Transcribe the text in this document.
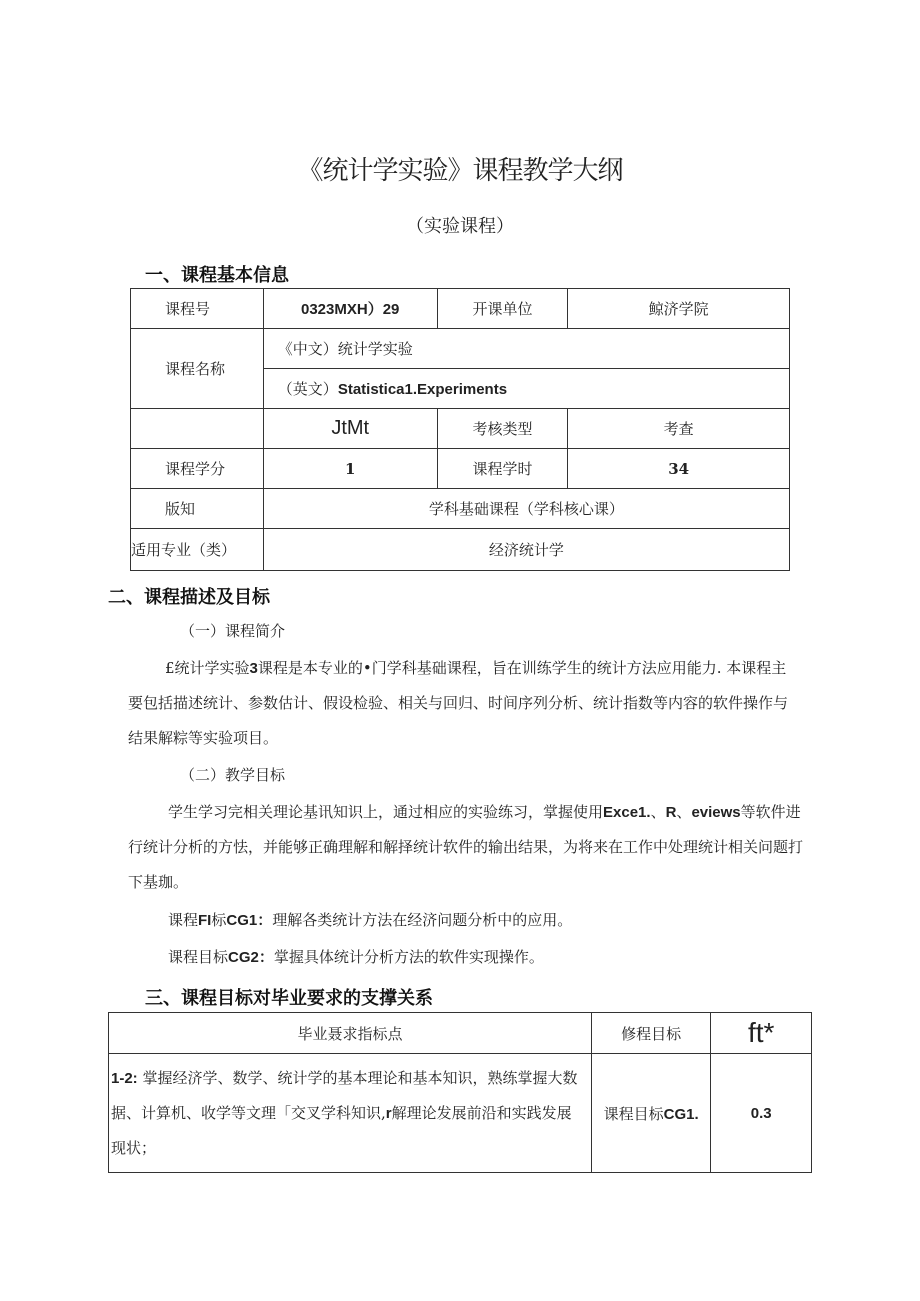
《统计学实验》课程教学大纲
（实验课程）
一、课程基本信息
课程号	0323MXH）29	开课单位	鲸济学院
课程名称	《中文）统计学实验		
	（英文）Statistica1.Experiments		
	JtMt	考核类型	考查
课程学分	1	课程学时	34
版知	学科基础课程（学科核心课）		
适用专业（类）	经济统计学		
二、课程描述及目标
（一）课程简介
£统计学实验3课程是本专业的•门学科基础课程，旨在训练学生的统计方法应用能力. 本课程主
要包括描述统计、参数估计、假设检验、相关与回归、时间序列分析、统计指数等内容的软件操作与
结果解粽等实验项目。
（二）教学目标
学生学习完相关理论基讯知识上，通过相应的实验练习，掌握使用Exce1.、R、eviews等软件进
行统计分析的方怯，并能够正确理解和解择统计软件的输出结果，为将来在工作中处理统计相关问题打
下基珈。
课程FI标CG1：理解各类统计方法在经济问题分析中的应用。
课程目标CG2：掌握具体统计分析方法的软件实现操作。
三、课程目标对毕业要求的支撑关系
毕业聂求指标点	修程目标	ft*

1-2: 掌握经济学、数学、统计学的基本理论和基本知识，熟练掌握大数
据、计算机、收学等文理「交叉学科知识,r解理论发展前沿和实践发展
现状；	课程目标CG1.	0.3
